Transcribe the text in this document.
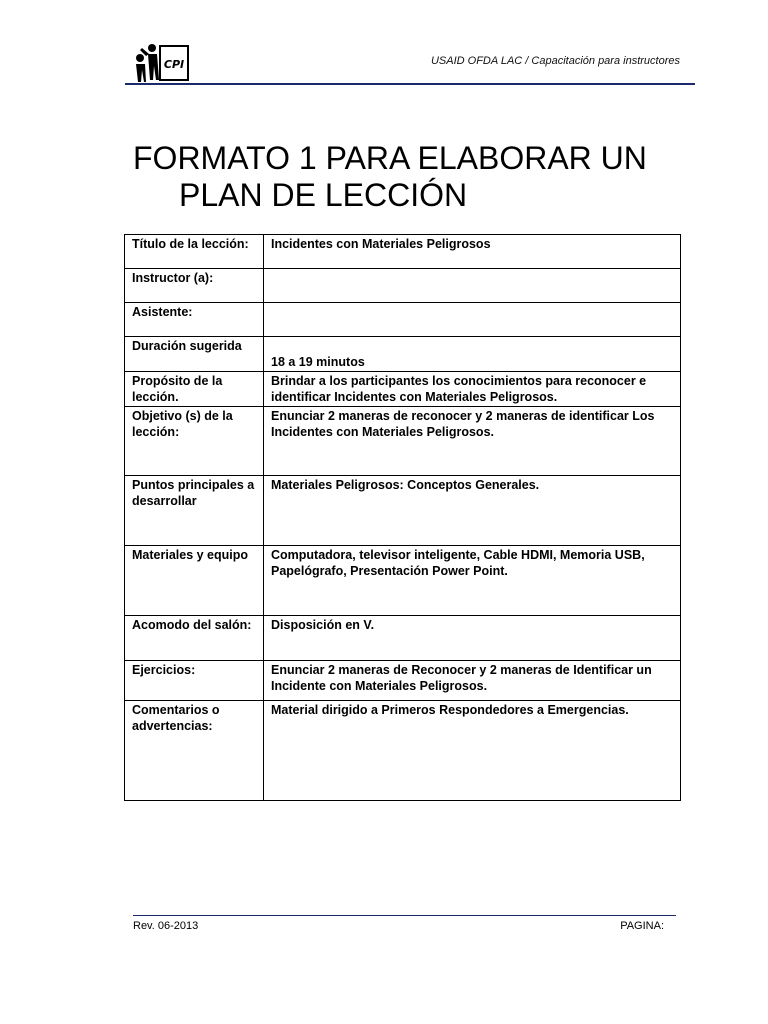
CPI	USAID OFDA LAC / Capacitación para instructores
FORMATO 1 PARA ELABORAR UN
PLAN DE LECCIÓN
Título de la lección:	Incidentes con Materiales Peligrosos
Instructor (a):	
Asistente:	
Duración sugerida	18 a 19 minutos

Propósito de la lección.	Brindar a los participantes los conocimientos para reconocer e identificar Incidentes con Materiales Peligrosos.
Objetivo (s) de la lección:	Enunciar 2 maneras de reconocer y 2 maneras de identificar Los Incidentes con Materiales Peligrosos.
Puntos principales a desarrollar	Materiales Peligrosos: Conceptos Generales.
Materiales y equipo	Computadora, televisor inteligente, Cable HDMI, Memoria USB, Papelógrafo, Presentación Power Point.
Acomodo del salón:	Disposición en V.
Ejercicios:	Enunciar 2 maneras de Reconocer y 2 maneras de Identificar un Incidente con Materiales Peligrosos.
Comentarios o advertencias:	Material dirigido a Primeros Respondedores a Emergencias.
Rev. 06-2013	PAGINA:
